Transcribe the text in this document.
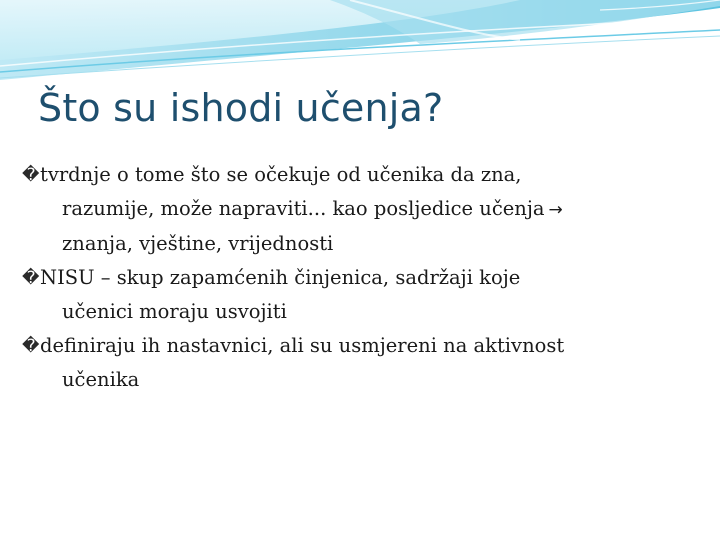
Što su ishodi učenja?
� tvrdnje o tome što se očekuje od učenika da zna,
razumije, može napraviti... kao posljedice učenja →
znanja, vještine, vrijednosti
� NISU – skup zapamćenih činjenica, sadržaji koje
učenici moraju usvojiti
� definiraju ih nastavnici, ali su usmjereni na aktivnost
učenika
